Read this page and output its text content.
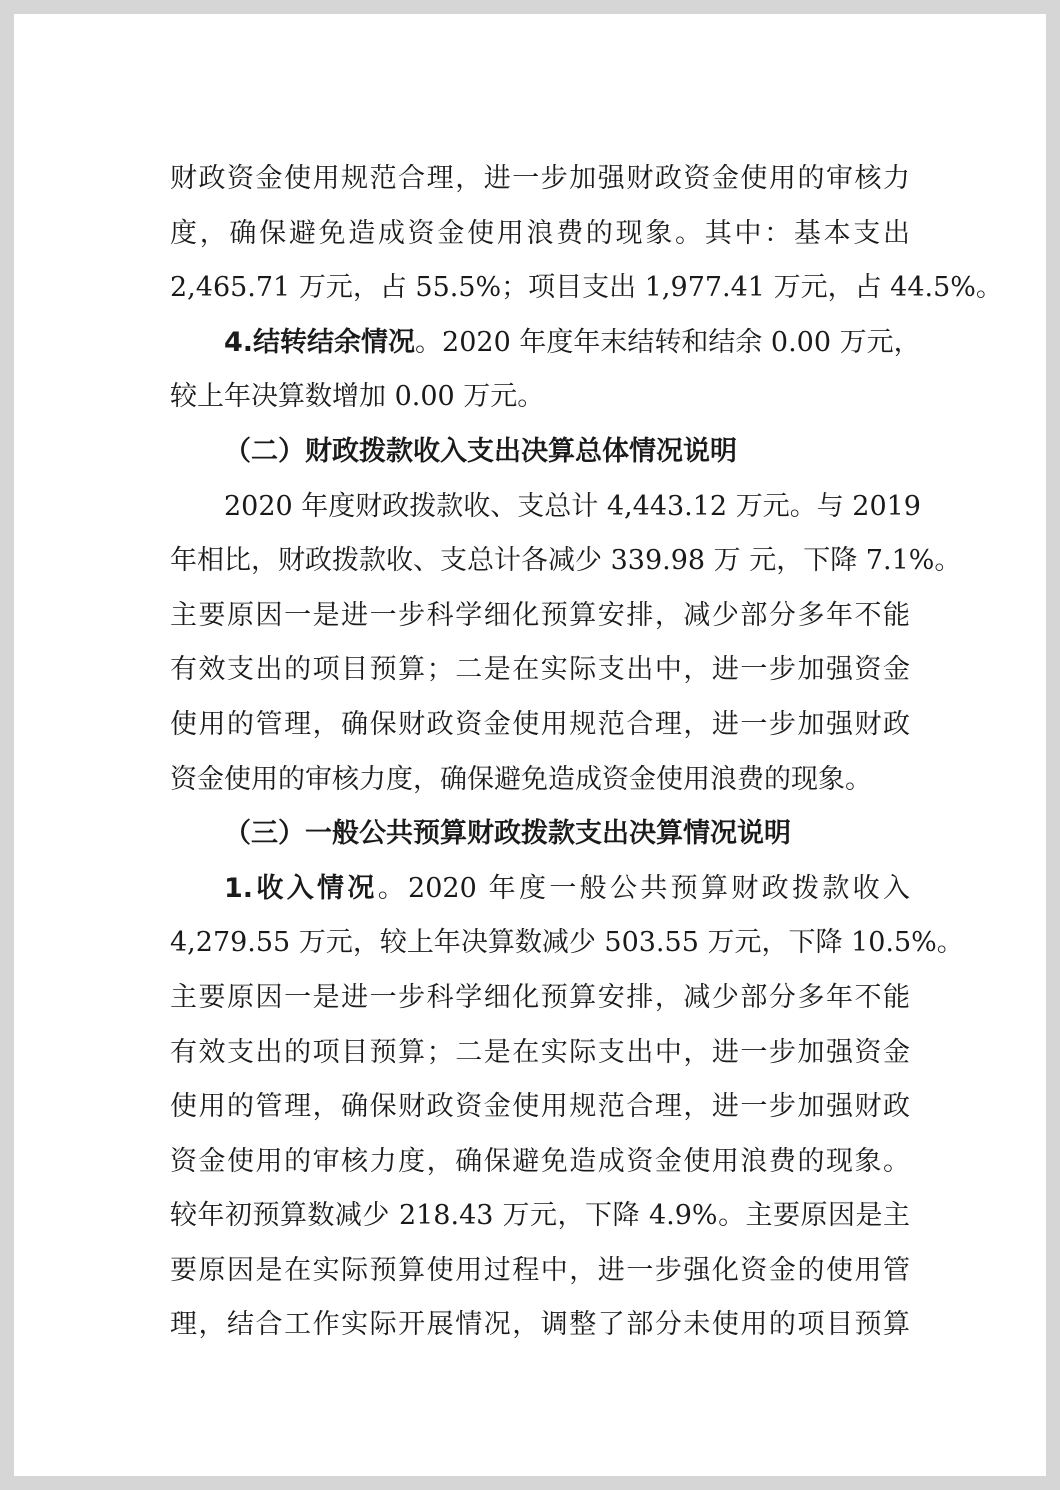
财政资金使用规范合理，进一步加强财政资金使用的审核力
度，确保避免造成资金使用浪费的现象。其中：基本支出
2,465.71 万元，占 55.5%；项目支出 1,977.41 万元，占 44.5%。
4.结转结余情况。2020 年度年末结转和结余 0.00 万元，
较上年决算数增加 0.00 万元。
（二）财政拨款收入支出决算总体情况说明
2020 年度财政拨款收、支总计 4,443.12 万元。与 2019
年相比，财政拨款收、支总计各减少 339.98 万 元，下降 7.1%。
主要原因一是进一步科学细化预算安排，减少部分多年不能
有效支出的项目预算；二是在实际支出中，进一步加强资金
使用的管理，确保财政资金使用规范合理，进一步加强财政
资金使用的审核力度，确保避免造成资金使用浪费的现象。
（三）一般公共预算财政拨款支出决算情况说明
1.收入情况。2020 年度一般公共预算财政拨款收入
4,279.55 万元，较上年决算数减少 503.55 万元，下降 10.5%。
主要原因一是进一步科学细化预算安排，减少部分多年不能
有效支出的项目预算；二是在实际支出中，进一步加强资金
使用的管理，确保财政资金使用规范合理，进一步加强财政
资金使用的审核力度，确保避免造成资金使用浪费的现象。
较年初预算数减少 218.43 万元，下降 4.9%。主要原因是主
要原因是在实际预算使用过程中，进一步强化资金的使用管
理，结合工作实际开展情况，调整了部分未使用的项目预算
